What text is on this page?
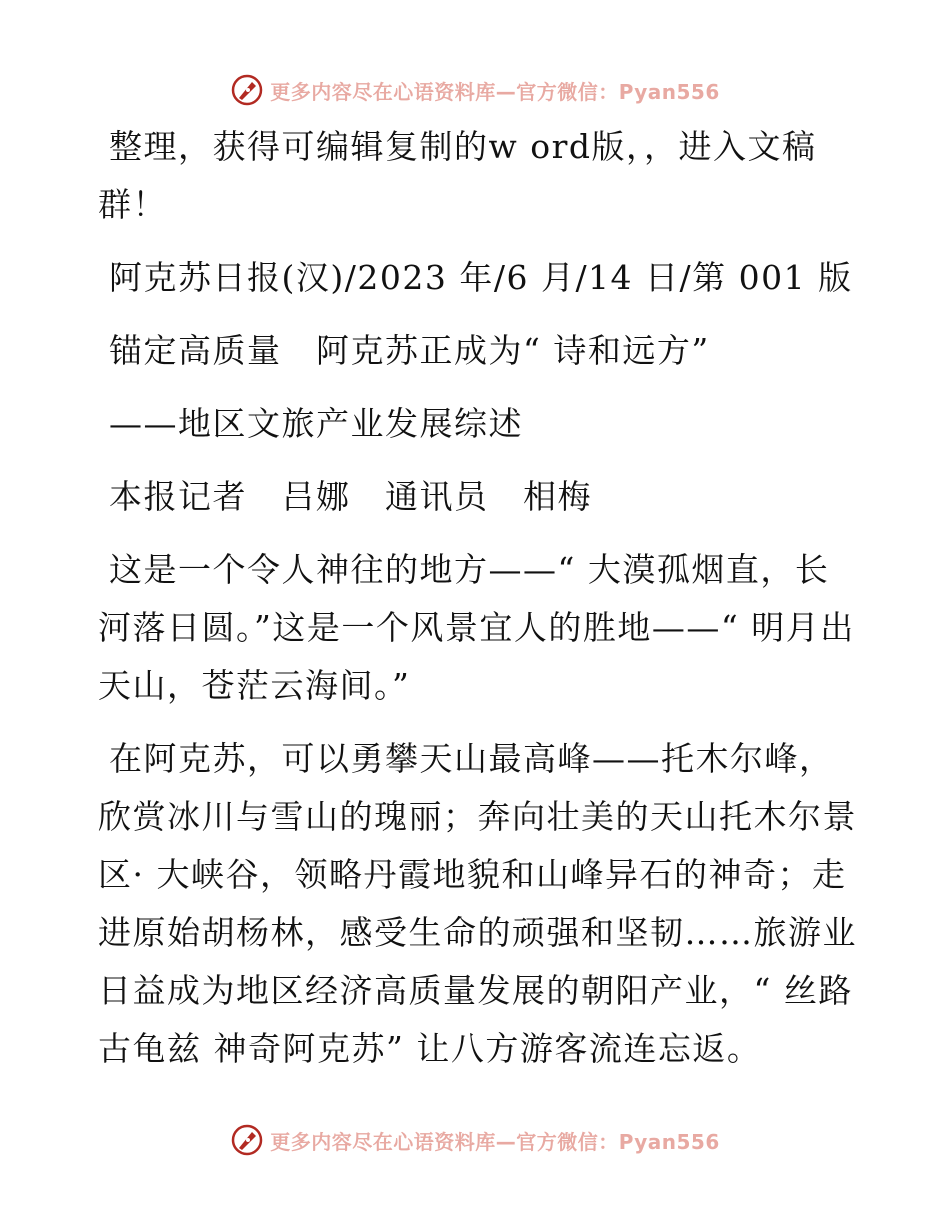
更多内容尽在心语资料库—官方微信：Pyan556

整理，获得可编辑复制的w ord版，，进入文稿群！

阿克苏日报(汉)/2023 年/6 月/14 日/第 001 版

锚定高质量　阿克苏正成为“ 诗和远方”

——地区文旅产业发展综述

本报记者　吕娜　通讯员　相梅

这是一个令人神往的地方——“ 大漠孤烟直，长河落日圆。”这是一个风景宜人的胜地——“ 明月出天山，苍茫云海间。”

在阿克苏，可以勇攀天山最高峰——托木尔峰，欣赏冰川与雪山的瑰丽；奔向壮美的天山托木尔景区· 大峡谷，领略丹霞地貌和山峰异石的神奇；走进原始胡杨林，感受生命的顽强和坚韧……旅游业日益成为地区经济高质量发展的朝阳产业，“ 丝路古龟兹 神奇阿克苏” 让八方游客流连忘返。

更多内容尽在心语资料库—官方微信：Pyan556
